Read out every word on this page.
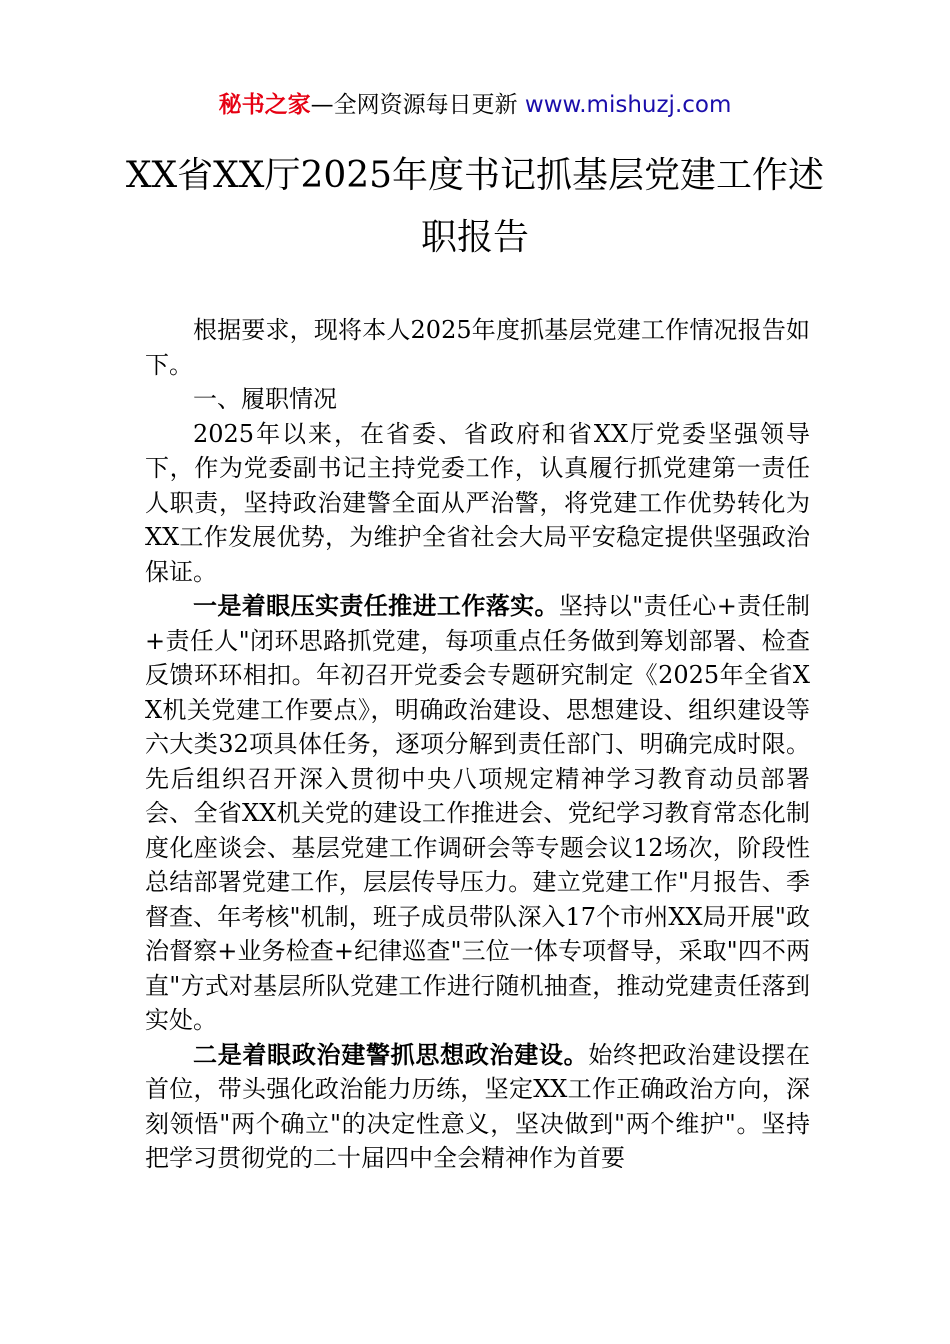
秘书之家—全网资源每日更新 www.mishuzj.com
XX省XX厅2025年度书记抓基层党建工作述职报告

根据要求，现将本人2025年度抓基层党建工作情况报告如下。

一、履职情况

2025年以来，在省委、省政府和省XX厅党委坚强领导下，作为党委副书记主持党委工作，认真履行抓党建第一责任人职责，坚持政治建警全面从严治警，将党建工作优势转化为XX工作发展优势，为维护全省社会大局平安稳定提供坚强政治保证。

一是着眼压实责任推进工作落实。坚持以"责任心+责任制+责任人"闭环思路抓党建，每项重点任务做到筹划部署、检查反馈环环相扣。年初召开党委会专题研究制定《2025年全省XX机关党建工作要点》，明确政治建设、思想建设、组织建设等六大类32项具体任务，逐项分解到责任部门、明确完成时限。先后组织召开深入贯彻中央八项规定精神学习教育动员部署会、全省XX机关党的建设工作推进会、党纪学习教育常态化制度化座谈会、基层党建工作调研会等专题会议12场次，阶段性总结部署党建工作，层层传导压力。建立党建工作"月报告、季督查、年考核"机制，班子成员带队深入17个市州XX局开展"政治督察+业务检查+纪律巡查"三位一体专项督导，采取"四不两直"方式对基层所队党建工作进行随机抽查，推动党建责任落到实处。

二是着眼政治建警抓思想政治建设。始终把政治建设摆在首位，带头强化政治能力历练，坚定XX工作正确政治方向，深刻领悟"两个确立"的决定性意义，坚决做到"两个维护"。坚持把学习贯彻党的二十届四中全会精神作为首要
